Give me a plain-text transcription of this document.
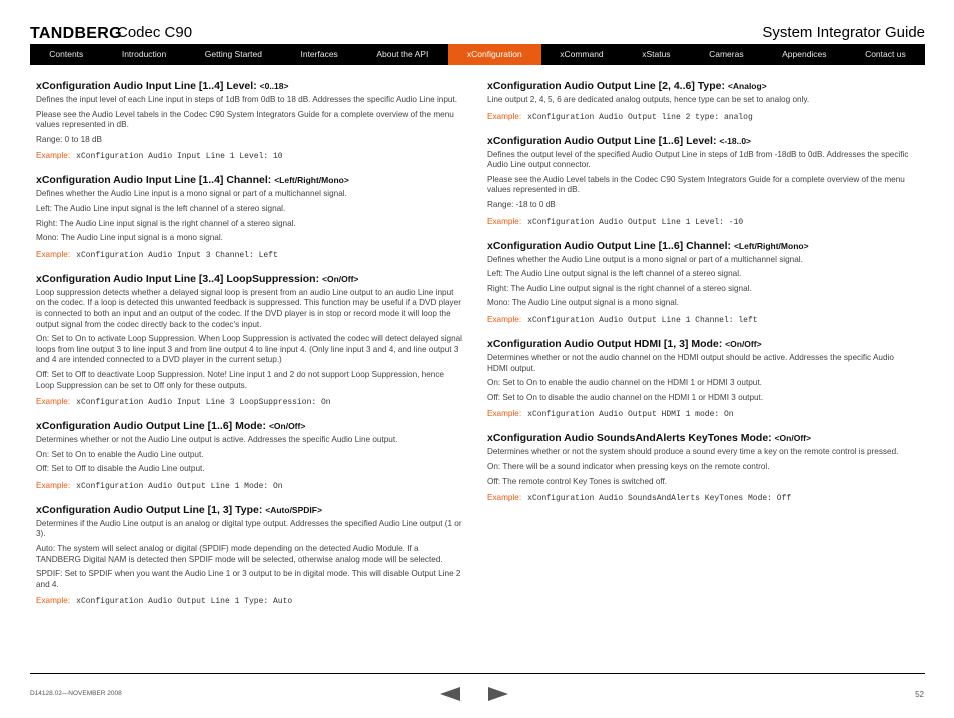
TANDBERG
Codec C90	System Integrator Guide
Contents	Introduction	Getting Started	Interfaces	About the API	xConfiguration	xCommand	xStatus	Cameras	Appendices	Contact us
xConfiguration Audio Input Line [1..4] Level: <0..18>
Defines the input level of each Line input in steps of 1dB from 0dB to 18 dB. Addresses the specific Audio Line input.
Please see the Audio Level tabels in the Codec C90 System Integrators Guide for a complete overview of the menu values represented in dB.
Range: 0 to 18 dB
Example: xConfiguration Audio Input Line 1 Level: 10
xConfiguration Audio Input Line [1..4] Channel: <Left/Right/Mono>
Defines whether the Audio Line input is a mono signal or part of a multichannel signal.
Left: The Audio Line input signal is the left channel of a stereo signal.
Right: The Audio Line input signal is the right channel of a stereo signal.
Mono: The Audio Line input signal is a mono signal.
Example: xConfiguration Audio Input 3 Channel: Left
xConfiguration Audio Input Line [3..4] LoopSuppression: <On/Off>
Loop suppression detects whether a delayed signal loop is present from an audio Line output to an audio Line input on the codec. If a loop is detected this unwanted feedback is suppressed. This function may be useful if a DVD player is connected to both an input and an output of the codec. If the DVD player is in stop or record mode it will loop the output signal from the codec directly back to the codec's input.
On: Set to On to activate Loop Suppression. When Loop Suppression is activated the codec will detect delayed signal loops from line output 3 to line input 3 and from line output 4 to line input 4. (Only line input 3 and 4, and line output 3 and 4 are intended connected to a DVD player in the current setup.)
Off: Set to Off to deactivate Loop Suppression. Note! Line input 1 and 2 do not support Loop Suppression, hence Loop Suppression can be set to Off only for these outputs.
Example: xConfiguration Audio Input Line 3 LoopSuppression: On
xConfiguration Audio Output Line [1..6] Mode: <On/Off>
Determines whether or not the Audio Line output is active. Addresses the specific Audio Line output.
On: Set to On to enable the Audio Line output.
Off: Set to Off to disable the Audio Line output.
Example: xConfiguration Audio Output Line 1 Mode: On
xConfiguration Audio Output Line [1, 3] Type: <Auto/SPDIF>
Determines if the Audio Line output is an analog or digital type output. Addresses the specified Audio Line output (1 or 3).
Auto: The system will select analog or digital (SPDIF) mode depending on the detected Audio Module. If a TANDBERG Digital NAM is detected then SPDIF mode will be selected, otherwise analog mode will be selected.
SPDIF: Set to SPDIF when you want the Audio Line 1 or 3 output to be in digital mode. This will disable Output Line 2 and 4.
Example: xConfiguration Audio Output Line 1 Type: Auto
xConfiguration Audio Output Line [2, 4..6] Type: <Analog>
Line output 2, 4, 5, 6 are dedicated analog outputs, hence type can be set to analog only.
Example: xConfiguration Audio Output line 2 type: analog
xConfiguration Audio Output Line [1..6] Level: <-18..0>
Defines the output level of the specified Audio Output Line in steps of 1dB from -18dB to 0dB. Addresses the specific Audio Line output connector.
Please see the Audio Level tabels in the Codec C90 System Integrators Guide for a complete overview of the menu values represented in dB.
Range: -18 to 0 dB
Example: xConfiguration Audio Output Line 1 Level: -10
xConfiguration Audio Output Line [1..6] Channel: <Left/Right/Mono>
Defines whether the Audio Line output is a mono signal or part of a multichannel signal.
Left: The Audio Line output signal is the left channel of a stereo signal.
Right: The Audio Line output signal is the right channel of a stereo signal.
Mono: The Audio Line output signal is a mono signal.
Example: xConfiguration Audio Output Line 1 Channel: left
xConfiguration Audio Output HDMI [1, 3] Mode: <On/Off>
Determines whether or not the audio channel on the HDMI output should be active. Addresses the specific Audio HDMI output.
On: Set to On to enable the audio channel on the HDMI 1 or HDMI 3 output.
Off: Set to On to disable the audio channel on the HDMI 1 or HDMI 3 output.
Example: xConfiguration Audio Output HDMI 1 mode: On
xConfiguration Audio SoundsAndAlerts KeyTones Mode: <On/Off>
Determines whether or not the system should produce a sound every time a key on the remote control is pressed.
On: There will be a sound indicator when pressing keys on the remote control.
Off: The remote control Key Tones is switched off.
Example: xConfiguration Audio SoundsAndAlerts KeyTones Mode: Off
D14128.02—NOVEMBER 2008	52
